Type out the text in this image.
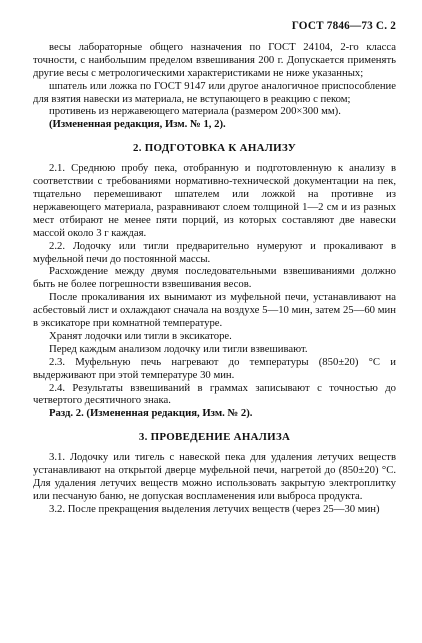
ГОСТ 7846—73 С. 2

весы лабораторные общего назначения по ГОСТ 24104, 2-го класса точности, с наибольшим пределом взвешивания 200 г. Допускается применять другие весы с метрологическими характеристиками не ниже указанных;

шпатель или ложка по ГОСТ 9147 или другое аналогичное приспособление для взятия навески из материала, не вступающего в реакцию с пеком;

противень из нержавеющего материала (размером 200×300 мм).

(Измененная редакция, Изм. № 1, 2).

2. ПОДГОТОВКА К АНАЛИЗУ

2.1. Среднюю пробу пека, отобранную и подготовленную к анализу в соответствии с требованиями нормативно-технической документации на пек, тщательно перемешивают шпателем или ложкой на противне из нержавеющего материала, разравнивают слоем толщиной 1—2 см и из разных мест отбирают не менее пяти порций, из которых составляют две навески массой около 3 г каждая.

2.2. Лодочку или тигли предварительно нумеруют и прокаливают в муфельной печи до постоянной массы.

Расхождение между двумя последовательными взвешиваниями должно быть не более погрешности взвешивания весов.

После прокаливания их вынимают из муфельной печи, устанавливают на асбестовый лист и охлаждают сначала на воздухе 5—10 мин, затем 25—60 мин в эксикаторе при комнатной температуре.

Хранят лодочки или тигли в эксикаторе.

Перед каждым анализом лодочку или тигли взвешивают.

2.3. Муфельную печь нагревают до температуры (850±20) °С и выдерживают при этой температуре 30 мин.

2.4. Результаты взвешиваний в граммах записывают с точностью до четвертого десятичного знака.

Разд. 2. (Измененная редакция, Изм. № 2).

3. ПРОВЕДЕНИЕ АНАЛИЗА

3.1. Лодочку или тигель с навеской пека для удаления летучих веществ устанавливают на открытой дверце муфельной печи, нагретой до (850±20) °С. Для удаления летучих веществ можно использовать закрытую электроплитку или песчаную баню, не допуская воспламенения или выброса продукта.

3.2. После прекращения выделения летучих веществ (через 25—30 мин)
